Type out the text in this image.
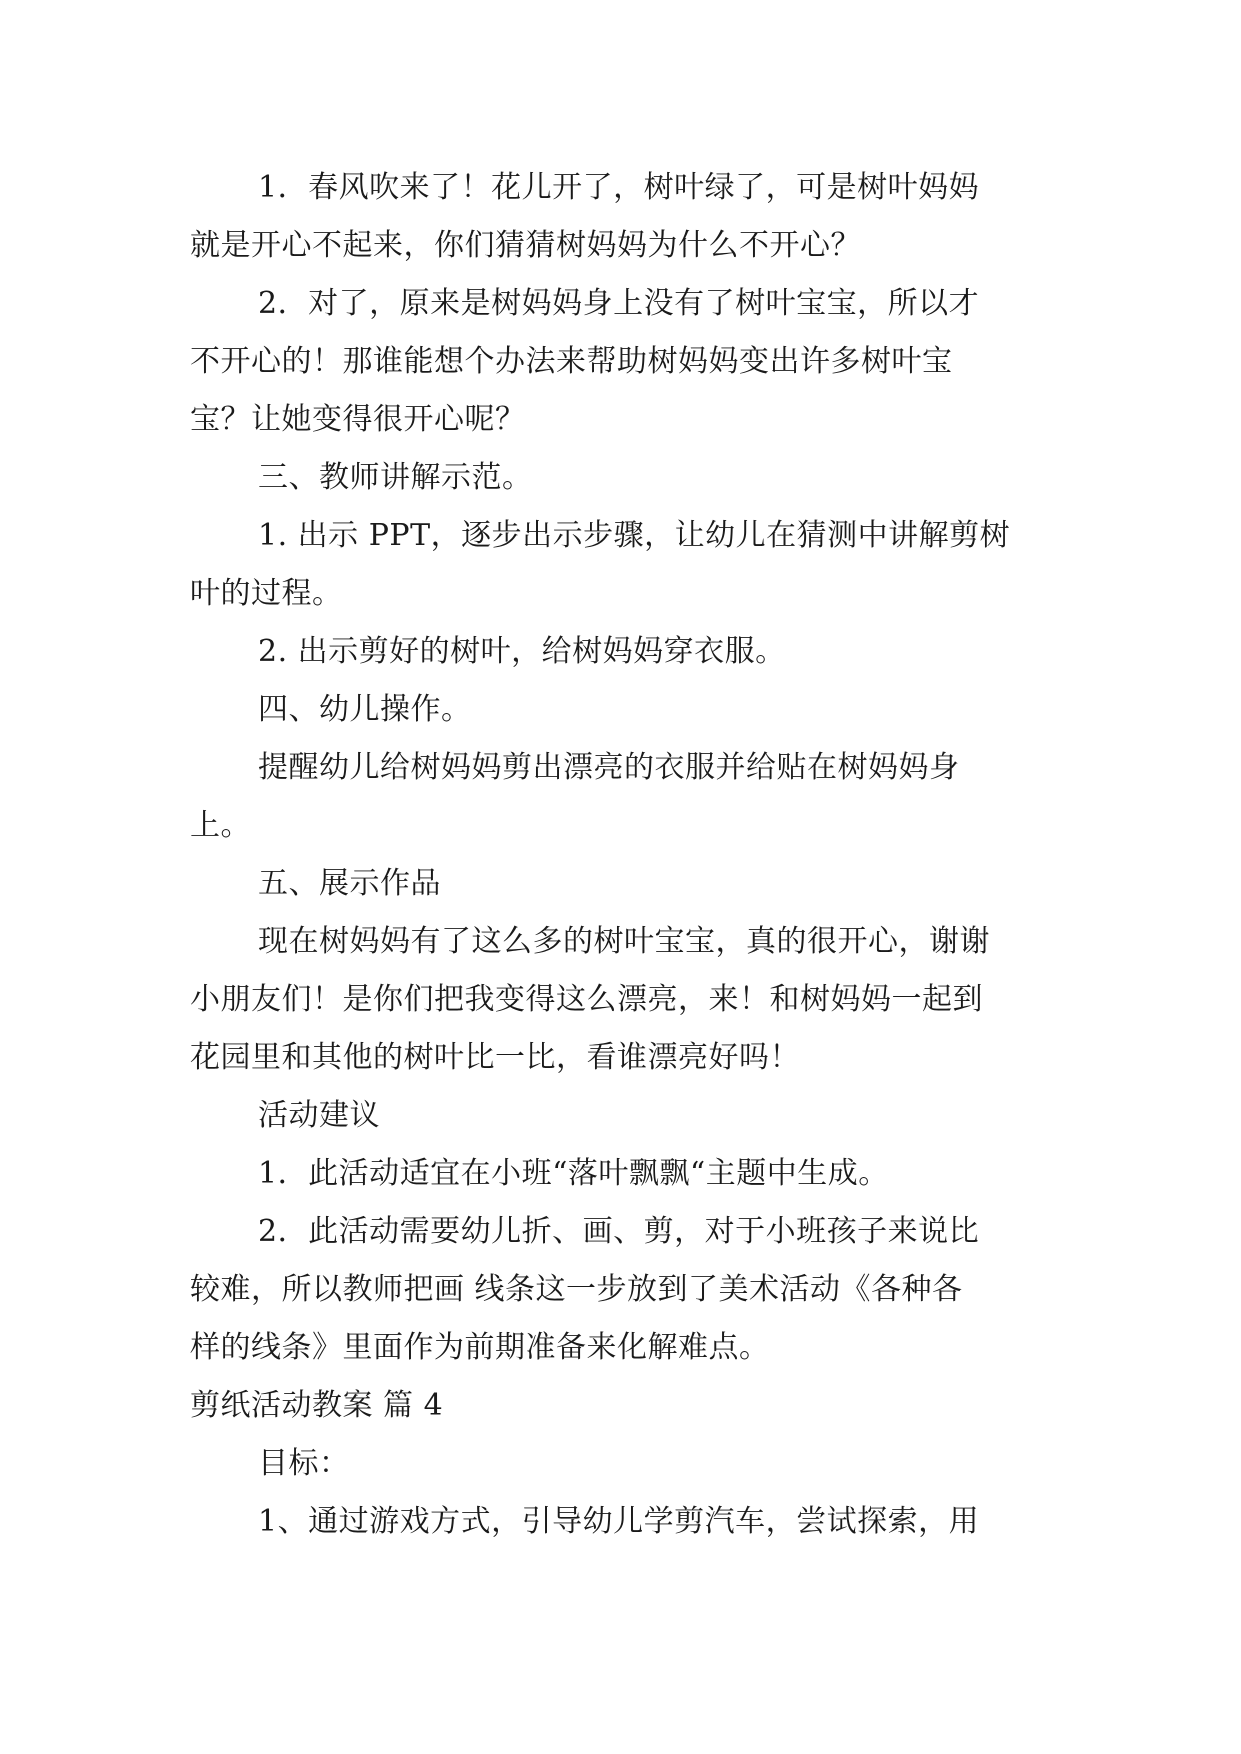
1．春风吹来了！花儿开了，树叶绿了，可是树叶妈妈
就是开心不起来，你们猜猜树妈妈为什么不开心？
2．对了，原来是树妈妈身上没有了树叶宝宝，所以才
不开心的！那谁能想个办法来帮助树妈妈变出许多树叶宝
宝？让她变得很开心呢？
三、教师讲解示范。
1. 出示 PPT，逐步出示步骤，让幼儿在猜测中讲解剪树
叶的过程。
2. 出示剪好的树叶，给树妈妈穿衣服。
四、幼儿操作。
提醒幼儿给树妈妈剪出漂亮的衣服并给贴在树妈妈身
上。
五、展示作品
现在树妈妈有了这么多的树叶宝宝，真的很开心，谢谢
小朋友们！是你们把我变得这么漂亮，来！和树妈妈一起到
花园里和其他的树叶比一比，看谁漂亮好吗！
活动建议
1．此活动适宜在小班“落叶飘飘“主题中生成。
2．此活动需要幼儿折、画、剪，对于小班孩子来说比
较难，所以教师把画 线条这一步放到了美术活动《各种各
样的线条》里面作为前期准备来化解难点。
剪纸活动教案 篇 4
目标：
1、通过游戏方式，引导幼儿学剪汽车，尝试探索，用
